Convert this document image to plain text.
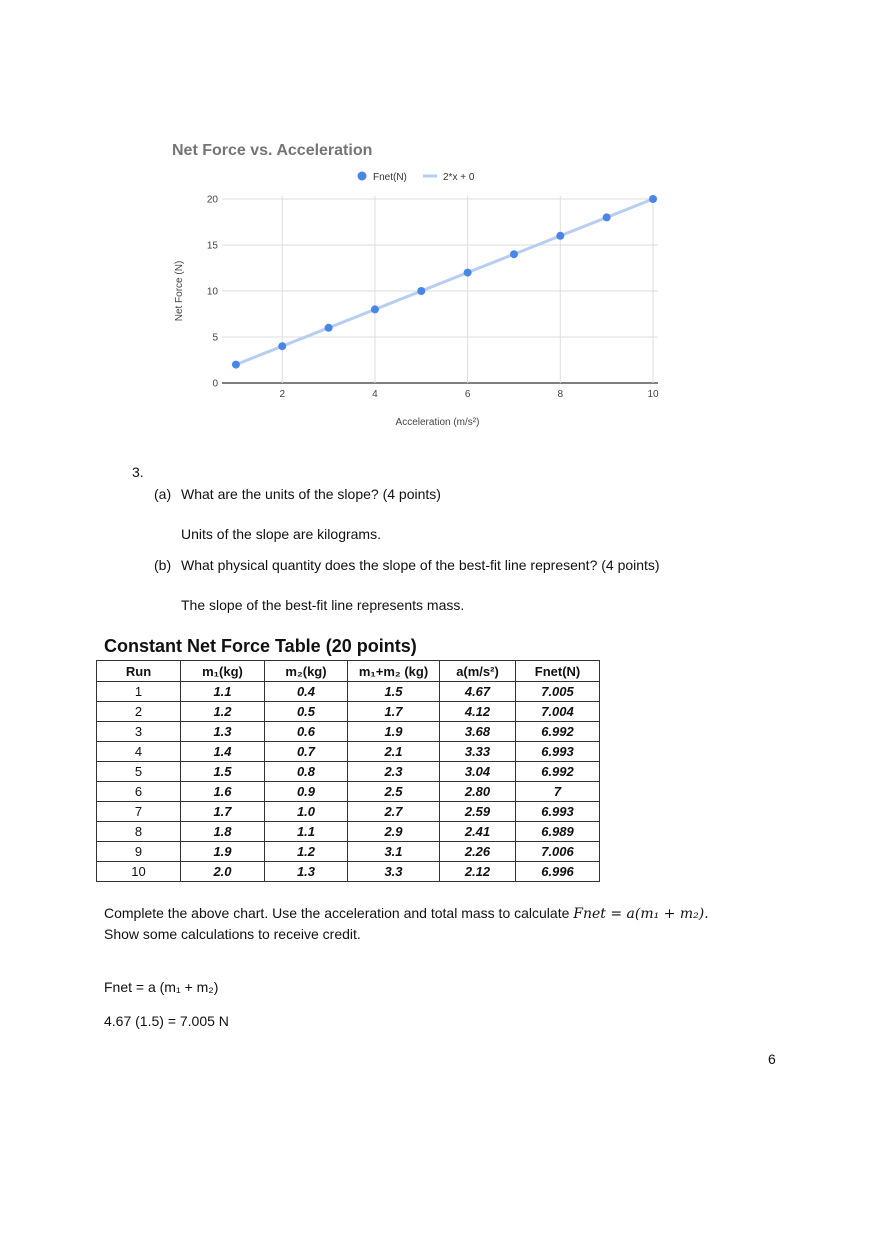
Net Force vs. Acceleration
Fnet(N)	2*x + 0
0
5
10
15
20
2	4	6	8	10
Acceleration (m/s²)
Net Force (N)
3.
(a) What are the units of the slope? (4 points)
Units of the slope are kilograms.
(b) What physical quantity does the slope of the best-fit line represent? (4 points)
The slope of the best-fit line represents mass.
Constant Net Force Table (20 points)
Run	m₁(kg)	m₂(kg)	m₁+m₂ (kg)	a(m/s²)	Fnet(N)
1	1.1	0.4	1.5	4.67	7.005
2	1.2	0.5	1.7	4.12	7.004
3	1.3	0.6	1.9	3.68	6.992
4	1.4	0.7	2.1	3.33	6.993
5	1.5	0.8	2.3	3.04	6.992
6	1.6	0.9	2.5	2.80	7
7	1.7	1.0	2.7	2.59	6.993
8	1.8	1.1	2.9	2.41	6.989
9	1.9	1.2	3.1	2.26	7.006
10	2.0	1.3	3.3	2.12	6.996
Complete the above chart. Use the acceleration and total mass to calculate Fnet = a(m₁ + m₂).
Show some calculations to receive credit.
Fnet = a (m₁ + m₂)
4.67 (1.5) = 7.005 N
6
